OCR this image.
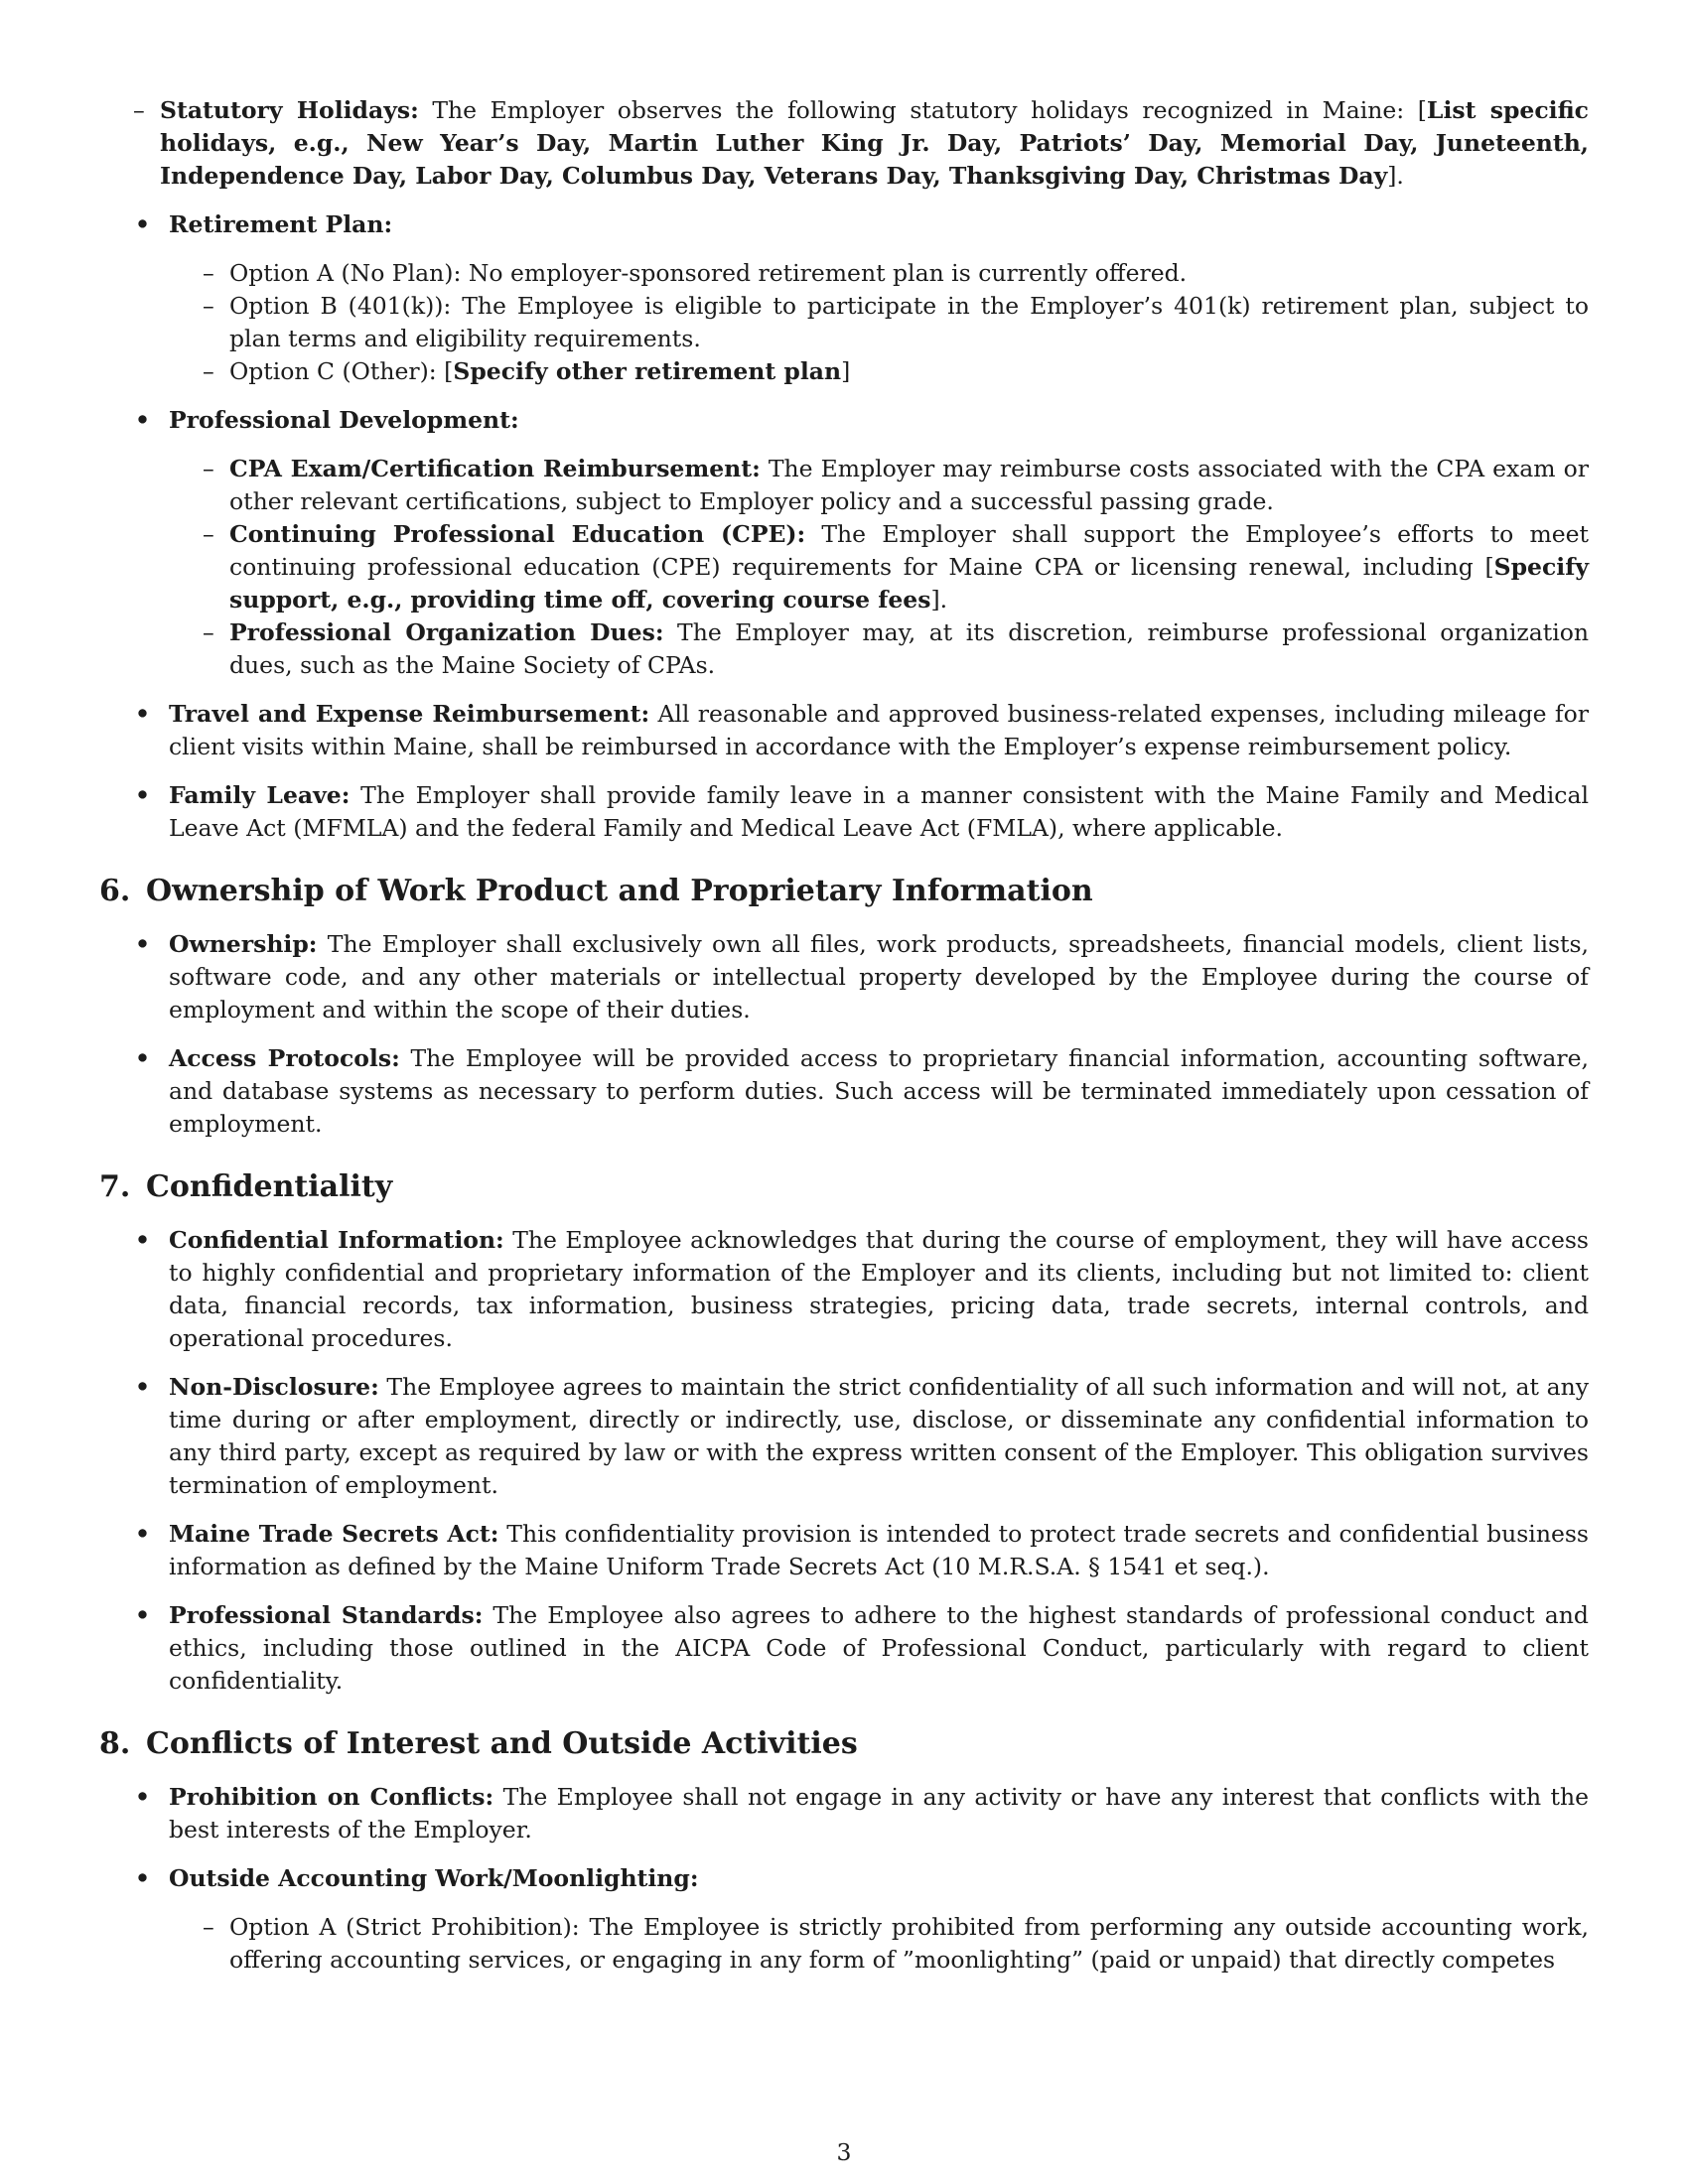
– Statutory Holidays: The Employer observes the following statutory holidays recognized in Maine: [List specific holidays, e.g., New Year’s Day, Martin Luther King Jr. Day, Patriots’ Day, Memorial Day, Juneteenth, Independence Day, Labor Day, Columbus Day, Veterans Day, Thanksgiving Day, Christmas Day].

• Retirement Plan:

– Option A (No Plan): No employer-sponsored retirement plan is currently offered.

– Option B (401(k)): The Employee is eligible to participate in the Employer’s 401(k) retirement plan, subject to plan terms and eligibility requirements.

– Option C (Other): [Specify other retirement plan]

• Professional Development:

– CPA Exam/Certification Reimbursement: The Employer may reimburse costs associated with the CPA exam or other relevant certifications, subject to Employer policy and a successful passing grade.

– Continuing Professional Education (CPE): The Employer shall support the Employee’s efforts to meet continuing professional education (CPE) requirements for Maine CPA or licensing renewal, including [Specify support, e.g., providing time off, covering course fees].

– Professional Organization Dues: The Employer may, at its discretion, reimburse professional organization dues, such as the Maine Society of CPAs.

• Travel and Expense Reimbursement: All reasonable and approved business-related expenses, including mileage for client visits within Maine, shall be reimbursed in accordance with the Employer’s expense reimbursement policy.

• Family Leave: The Employer shall provide family leave in a manner consistent with the Maine Family and Medical Leave Act (MFMLA) and the federal Family and Medical Leave Act (FMLA), where applicable.

6. Ownership of Work Product and Proprietary Information
• Ownership: The Employer shall exclusively own all files, work products, spreadsheets, financial models, client lists, software code, and any other materials or intellectual property developed by the Employee during the course of employment and within the scope of their duties.

• Access Protocols: The Employee will be provided access to proprietary financial information, accounting software, and database systems as necessary to perform duties. Such access will be terminated immediately upon cessation of employment.

7. Confidentiality
• Confidential Information: The Employee acknowledges that during the course of employment, they will have access to highly confidential and proprietary information of the Employer and its clients, including but not limited to: client data, financial records, tax information, business strategies, pricing data, trade secrets, internal controls, and operational procedures.

• Non-Disclosure: The Employee agrees to maintain the strict confidentiality of all such information and will not, at any time during or after employment, directly or indirectly, use, disclose, or disseminate any confidential information to any third party, except as required by law or with the express written consent of the Employer. This obligation survives termination of employment.

• Maine Trade Secrets Act: This confidentiality provision is intended to protect trade secrets and confidential business information as defined by the Maine Uniform Trade Secrets Act (10 M.R.S.A. § 1541 et seq.).

• Professional Standards: The Employee also agrees to adhere to the highest standards of professional conduct and ethics, including those outlined in the AICPA Code of Professional Conduct, particularly with regard to client confidentiality.

8. Conflicts of Interest and Outside Activities
• Prohibition on Conflicts: The Employee shall not engage in any activity or have any interest that conflicts with the best interests of the Employer.

• Outside Accounting Work/Moonlighting:

– Option A (Strict Prohibition): The Employee is strictly prohibited from performing any outside accounting work, offering accounting services, or engaging in any form of ”moonlighting” (paid or unpaid) that directly competes

3
